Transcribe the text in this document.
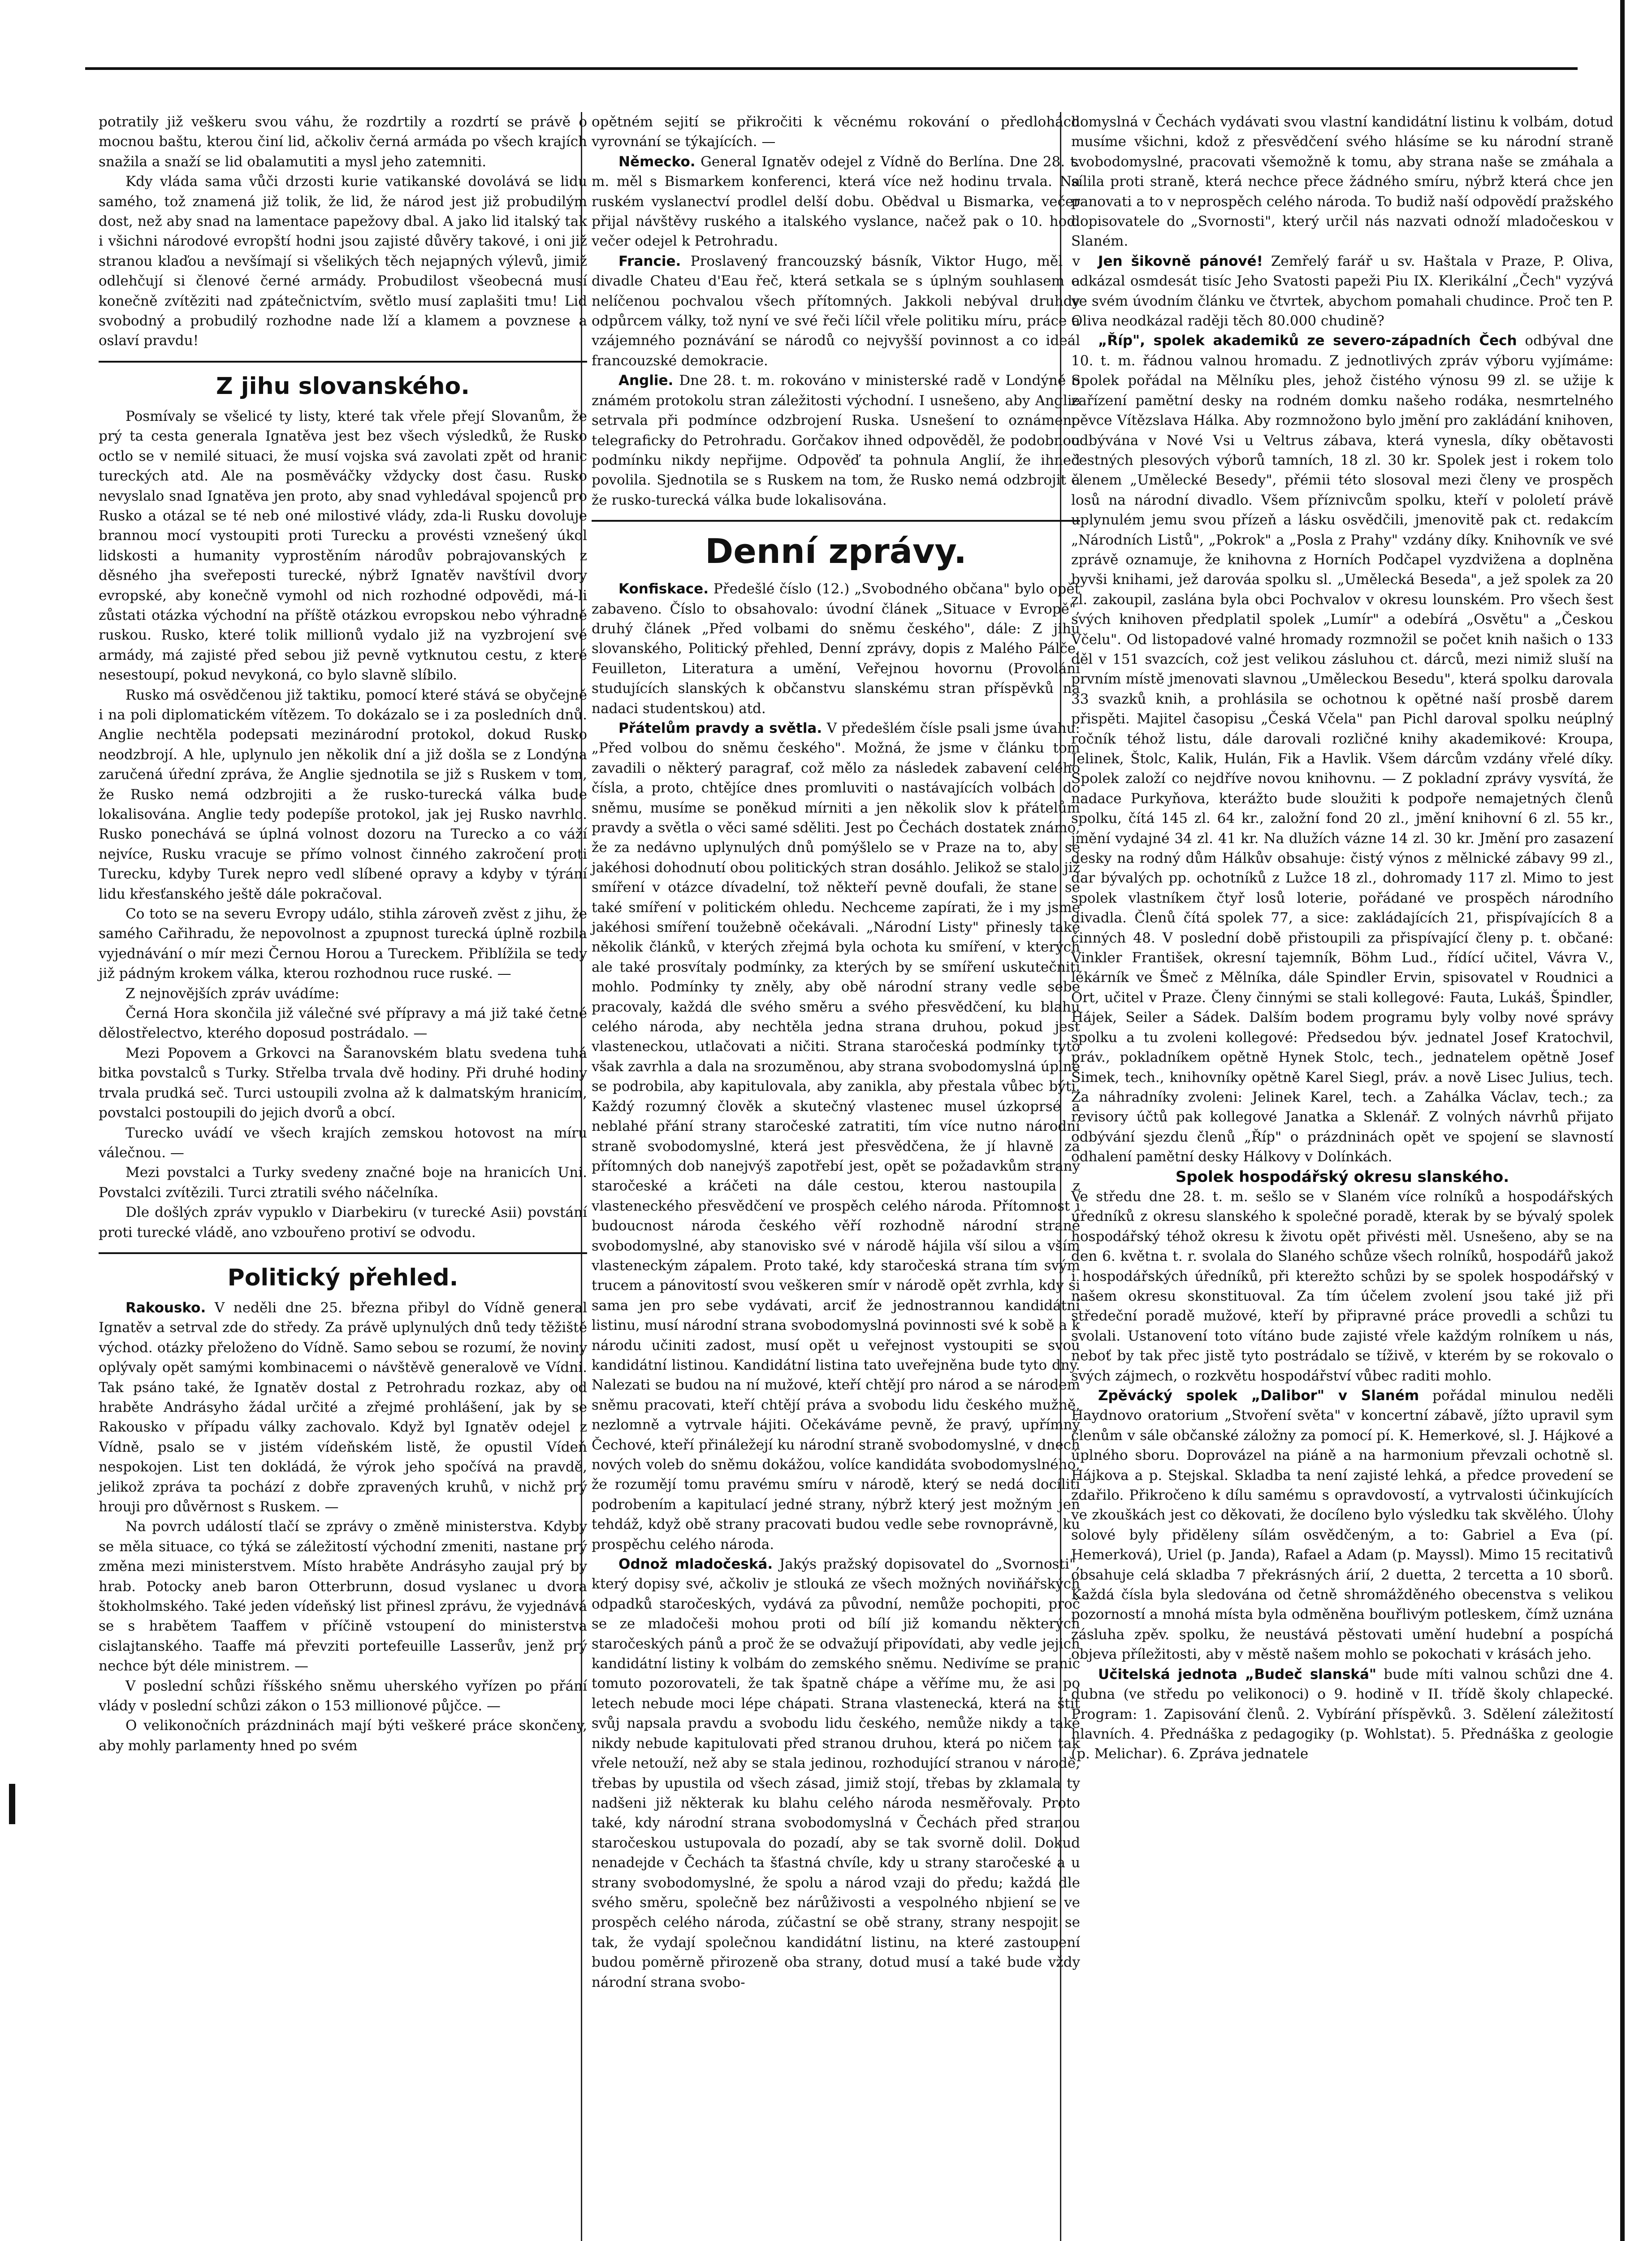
potratily již veškeru svou váhu, že rozdrtily a rozdrtí se právě o mocnou baštu, kterou činí lid, ačkoliv černá armáda po všech krajích snažila a snaží se lid obalamutiti a mysl jeho zatemniti.

Kdy vláda sama vůči drzosti kurie vatikanské dovolává se lidu samého, tož znamená již tolik, že lid, že národ jest již probudilým dost, než aby snad na lamentace papežovy dbal. A jako lid italský tak i všichni národové evropští hodni jsou zajisté důvěry takové, i oni již stranou klaďou a nevšímají si všelikých těch nejapných výlevů, jimiž odlehčují si členové černé armády. Probudilost všeobecná musí konečně zvítěziti nad zpátečnictvím, světlo musí zaplašiti tmu! Lid svobodný a probudilý rozhodne nade lží a klamem a povznese a oslaví pravdu!

Z jihu slovanského.

Posmívaly se všelicé ty listy, které tak vřele přejí Slovanům, že prý ta cesta generala Ignatěva jest bez všech výsledků, že Rusko octlo se v nemilé situaci, že musí vojska svá zavolati zpět od hranic tureckých atd. Ale na posměváčky vždycky dost času. Rusko nevyslalo snad Ignatěva jen proto, aby snad vyhledával spojenců pro Rusko a otázal se té neb oné milostivé vlády, zda-li Rusku dovoluje brannou mocí vystoupiti proti Turecku a provésti vznešený úkol lidskosti a humanity vyprostěním národův pobrajovanských z děsného jha sveřeposti turecké, nýbrž Ignatěv navštívil dvory evropské, aby konečně vymohl od nich rozhodné odpovědi, má-li zůstati otázka východní na příště otázkou evropskou nebo výhradně ruskou. Rusko, které tolik millionů vydalo již na vyzbrojení své armády, má zajisté před sebou již pevně vytknutou cestu, z které nesestoupí, pokud nevykoná, co bylo slavně slíbilo.

Rusko má osvědčenou již taktiku, pomocí které stává se obyčejně i na poli diplomatickém vítězem. To dokázalo se i za posledních dnů. Anglie nechtěla podepsati mezinárodní protokol, dokud Rusko neodzbrojí. A hle, uplynulo jen několik dní a již došla se z Londýna zaručená úřední zpráva, že Anglie sjednotila se již s Ruskem v tom, že Rusko nemá odzbrojiti a že rusko-turecká válka bude lokalisována. Anglie tedy podepíše protokol, jak jej Rusko navrhlo. Rusko ponechává se úplná volnost dozoru na Turecko a co váží nejvíce, Rusku vracuje se přímo volnost činného zakročení proti Turecku, kdyby Turek nepro vedl slíbené opravy a kdyby v týrání lidu křesťanského ještě dále pokračoval.

Co toto se na severu Evropy událo, stihla zároveň zvěst z jihu, že samého Cařihradu, že nepovolnost a zpupnost turecká úplně rozbila vyjednávání o mír mezi Černou Horou a Tureckem. Přiblížila se tedy již pádným krokem válka, kterou rozhodnou ruce ruské. —

Z nejnovějších zpráv uvádíme:

Černá Hora skončila již válečné své přípravy a má již také četné dělostřelectvo, kterého doposud postrádalo. —

Mezi Popovem a Grkovci na Šaranovském blatu svedena tuhá bitka povstalců s Turky. Střelba trvala dvě hodiny. Při druhé hodiny trvala prudká seč. Turci ustoupili zvolna až k dalmatským hranicím, povstalci postoupili do jejich dvorů a obcí.

Turecko uvádí ve všech krajích zemskou hotovost na míru válečnou. —

Mezi povstalci a Turky svedeny značné boje na hranicích Uni. Povstalci zvítězili. Turci ztratili svého náčelníka.

Dle došlých zpráv vypuklo v Diarbekiru (v turecké Asii) povstání proti turecké vládě, ano vzbouřeno protiví se odvodu.

Politický přehled.

Rakousko. V neděli dne 25. března přibyl do Vídně general Ignatěv a setrval zde do středy. Za právě uplynulých dnů tedy těžiště východ. otázky přeloženo do Vídně. Samo sebou se rozumí, že noviny oplývaly opět samými kombinacemi o návštěvě generalově ve Vídni. Tak psáno také, že Ignatěv dostal z Petrohradu rozkaz, aby od hraběte Andrásyho žádal určité a zřejmé prohlášení, jak by se Rakousko v případu války zachovalo. Když byl Ignatěv odejel z Vídně, psalo se v jistém vídeňském listě, že opustil Vídeň nespokojen. List ten dokládá, že výrok jeho spočívá na pravdě, jelikož zpráva ta pochází z dobře zpravených kruhů, v nichž prý hrouji pro důvěrnost s Ruskem. —

Na povrch událostí tlačí se zprávy o změně ministerstva. Kdyby se měla situace, co týká se záležitostí východní zmeniti, nastane prý změna mezi ministerstvem. Místo hraběte Andrásyho zaujal prý by hrab. Potocky aneb baron Otterbrunn, dosud vyslanec u dvora štokholmského. Také jeden vídeňský list přinesl zprávu, že vyjednává se s hrabětem Taaffem v příčině vstoupení do ministerstva cislajtanského. Taaffe má převziti portefeuille Lasserův, jenž prý nechce být déle ministrem. —

V poslední schůzi říšského sněmu uherského vyřízen po přání vlády v poslední schůzi zákon o 153 millionové půjčce. —

O velikonočních prázdninách mají býti veškeré práce skončeny, aby mohly parlamenty hned po svém

opětném sejití se přikročiti k věcnému rokování o předlohách vyrovnání se týkajících. —

Německo. General Ignatěv odejel z Vídně do Berlína. Dne 28. t. m. měl s Bismarkem konferenci, která více než hodinu trvala. Na ruském vyslanectví prodlel delší dobu. Obědval u Bismarka, večer přijal návštěvy ruského a italského vyslance, načež pak o 10. hod. večer odejel k Petrohradu.

Francie. Proslavený francouzský básník, Viktor Hugo, měl v divadle Chateu d'Eau řeč, která setkala se s úplným souhlasem a nelíčenou pochvalou všech přítomných. Jakkoli nebýval druhdy odpůrcem války, tož nyní ve své řeči líčil vřele politiku míru, práce a vzájemného poznávání se národů co nejvyšší povinnost a co ideál francouzské demokracie.

Anglie. Dne 28. t. m. rokováno v ministerské radě v Londýně o známém protokolu stran záležitosti východní. I usnešeno, aby Anglie setrvala při podmínce odzbrojení Ruska. Usnešení to oznámeno telegraficky do Petrohradu. Gorčakov ihned odpověděl, že podobnou podmínku nikdy nepřijme. Odpověď ta pohnula Anglií, že ihned povolila. Sjednotila se s Ruskem na tom, že Rusko nemá odzbrojit a že rusko-turecká válka bude lokalisována.

Denní zprávy.

Konfiskace. Předešlé číslo (12.) „Svobodného občana" bylo opět zabaveno. Číslo to obsahovalo: úvodní článek „Situace v Evropě", druhý článek „Před volbami do sněmu českého", dále: Z jihu slovanského, Politický přehled, Denní zprávy, dopis z Malého Pálče, Feuilleton, Literatura a umění, Veřejnou hovornu (Provolání studujících slanských k občanstvu slanskému stran příspěvků na nadaci studentskou) atd.

Přátelům pravdy a světla. V předešlém čísle psali jsme úvahu: „Před volbou do sněmu českého". Možná, že jsme v článku tom zavadili o některý paragraf, což mělo za následek zabavení celého čísla, a proto, chtějíce dnes promluviti o nastávajících volbách do sněmu, musíme se poněkud mírniti a jen několik slov k přátelům pravdy a světla o věci samé sděliti. Jest po Čechách dostatek známo, že za nedávno uplynulých dnů pomýšlelo se v Praze na to, aby se jakéhosi dohodnutí obou politických stran dosáhlo. Jelikož se stalo již smíření v otázce dívadelní, tož někteří pevně doufali, že stane se také smíření v politickém ohledu. Nechceme zapírati, že i my jsme jakéhosi smíření toužebně očekávali. „Národní Listy" přinesly také několik článků, v kterých zřejmá byla ochota ku smíření, v kterých ale také prosvítaly podmínky, za kterých by se smíření uskutečniti mohlo. Podmínky ty zněly, aby obě národní strany vedle sebe pracovaly, každá dle svého směru a svého přesvědčení, ku blahu celého národa, aby nechtěla jedna strana druhou, pokud jest vlasteneckou, utlačovati a ničiti. Strana staročeská podmínky tyto však zavrhla a dala na srozuměnou, aby strana svobodomyslná úplně se podrobila, aby kapitulovala, aby zanikla, aby přestala vůbec býti. Každý rozumný člověk a skutečný vlastenec musel úzkoprsé a neblahé přání strany staročeské zatratiti, tím více nutno národní straně svobodomyslné, která jest přesvědčena, že jí hlavně za přítomných dob nanejvýš zapotřebí jest, opět se požadavkům strany staročeské a kráčeti na dále cestou, kterou nastoupila z vlasteneckého přesvědčení ve prospěch celého národa. Přítomnost i budoucnost národa českého věří rozhodně národní straně svobodomyslné, aby stanovisko své v národě hájila vší silou a vším vlasteneckým zápalem. Proto také, kdy staročeská strana tím svým trucem a pánovitostí svou veškeren smír v národě opět zvrhla, kdy si sama jen pro sebe vydávati, arciť že jednostrannou kandidátní listinu, musí národní strana svobodomyslná povinnosti své k sobě a k národu učiniti zadost, musí opět u veřejnost vystoupiti se svou kandidátní listinou. Kandidátní listina tato uveřejněna bude tyto dny. Nalezati se budou na ní mužové, kteří chtějí pro národ a se národem sněmu pracovati, kteří chtějí práva a svobodu lidu českého mužně, nezlomně a vytrvale hájiti. Očekáváme pevně, že pravý, upřímný Čechové, kteří přináležejí ku národní straně svobodomyslné, v dnech nových voleb do sněmu dokážou, volíce kandidáta svobodomyslného, že rozumějí tomu pravému smíru v národě, který se nedá docíliti podrobením a kapitulací jedné strany, nýbrž který jest možným jen tehdáž, když obě strany pracovati budou vedle sebe rovnoprávně, ku prospěchu celého národa.

Odnož mladočeská. Jakýs pražský dopisovatel do „Svornosti", který dopisy své, ačkoliv je stlouká ze všech možných noviňářských odpadků staročeských, vydává za původní, nemůže pochopiti, proč se ze mladočeši mohou proti od bílí již komandu některých staročeských pánů a proč že se odvažují připovídati, aby vedle jejich kandidátní listiny k volbám do zemského sněmu. Nedivíme se pranic tomuto pozorovateli, že tak špatně chápe a věříme mu, že asi po letech nebude moci lépe chápati. Strana vlastenecká, která na štít svůj napsala pravdu a svobodu lidu českého, nemůže nikdy a také nikdy nebude kapitulovati před stranou druhou, která po ničem tak vřele netouží, než aby se stala jedinou, rozhodující stranou v národě, třebas by upustila od všech zásad, jimiž stojí, třebas by zklamala ty nadšeni již některak ku blahu celého národa nesměřovaly. Proto také, kdy národní strana svobodomyslná v Čechách před stranou staročeskou ustupovala do pozadí, aby se tak svorně dolil. Dokud nenadejde v Čechách ta šťastná chvíle, kdy u strany staročeské a u strany svobodomyslné, že spolu a národ vzaji do předu; každá dle svého směru, společně bez nárůživosti a vespolného nbjiení se ve prospěch celého národa, zúčastní se obě strany, strany nespojit se tak, že vydají společnou kandidátní listinu, na které zastoupení budou poměrně přirozeně oba strany, dotud musí a také bude vždy národní strana svobo-

domyslná v Čechách vydávati svou vlastní kandidátní listinu k volbám, dotud musíme všichni, kdož z přesvědčení svého hlásíme se ku národní straně svobodomyslné, pracovati všemožně k tomu, aby strana naše se zmáhala a sílila proti straně, která nechce přece žádného smíru, nýbrž která chce jen panovati a to v neprospěch celého národa. To budiž naší odpovědí pražského dopisovatele do „Svornosti", který určil nás nazvati odnoží mladočeskou v Slaném.

Jen šikovně pánové! Zemřelý farář u sv. Haštala v Praze, P. Oliva, odkázal osmdesát tisíc Jeho Svatosti papeži Piu IX. Klerikální „Čech" vyzývá ve svém úvodním článku ve čtvrtek, abychom pomahali chudince. Proč ten P. Oliva neodkázal raději těch 80.000 chudině?

„Říp", spolek akademiků ze severo-západních Čech odbýval dne 10. t. m. řádnou valnou hromadu. Z jednotlivých zpráv výboru vyjímáme: Spolek pořádal na Mělníku ples, jehož čistého výnosu 99 zl. se užije k zařízení pamětní desky na rodném domku našeho rodáka, nesmrtelného pěvce Vítězslava Hálka. Aby rozmnožono bylo jmění pro zakládání knihoven, odbývána v Nové Vsi u Veltrus zábava, která vynesla, díky obětavosti čestných plesových výborů tamních, 18 zl. 30 kr. Spolek jest i rokem tolo členem „Umělecké Besedy", přémii této slosoval mezi členy ve prospěch losů na národní divadlo. Všem příznivcům spolku, kteří v pololetí právě uplynulém jemu svou přízeň a lásku osvědčili, jmenovitě pak ct. redakcím „Národních Listů", „Pokrok" a „Posla z Prahy" vzdány díky. Knihovník ve své zprávě oznamuje, že knihovna z Horních Podčapel vyzdvižena a doplněna byvši knihami, jež darováa spolku sl. „Umělecká Beseda", a jež spolek za 20 zl. zakoupil, zaslána byla obci Pochvalov v okresu lounském. Pro všech šest svých knihoven předplatil spolek „Lumír" a odebírá „Osvětu" a „Českou Včelu". Od listopadové valné hromady rozmnožil se počet knih našich o 133 děl v 151 svazcích, což jest velikou zásluhou ct. dárců, mezi nimiž sluší na prvním místě jmenovati slavnou „Uměleckou Besedu", která spolku darovala 33 svazků knih, a prohlásila se ochotnou k opětné naší prosbě darem přispěti. Majitel časopisu „Česká Včela" pan Pichl daroval spolku neúplný ročník téhož listu, dále darovali rozličné knihy akademikové: Kroupa, Jelinek, Štolc, Kalik, Hulán, Fik a Havlik. Všem dárcům vzdány vřelé díky. Spolek založí co nejdříve novou knihovnu. — Z pokladní zprávy vysvítá, že nadace Purkyňova, kterážto bude sloužiti k podpoře nemajetných členů spolku, čítá 145 zl. 64 kr., založní fond 20 zl., jmění knihovní 6 zl. 55 kr., jmění vydajné 34 zl. 41 kr. Na dlužích vázne 14 zl. 30 kr. Jmění pro zasazení desky na rodný dům Hálkův obsahuje: čistý výnos z mělnické zábavy 99 zl., dar bývalých pp. ochotníků z Lužce 18 zl., dohromady 117 zl. Mimo to jest spolek vlastníkem čtyř losů loterie, pořádané ve prospěch národního divadla. Členů čítá spolek 77, a sice: zakládajících 21, přispívajících 8 a činných 48. V poslední době přistoupili za přispívající členy p. t. občané: Vinkler František, okresní tajemník, Böhm Lud., řídící učitel, Vávra V., lékárník ve Šmeč z Mělníka, dále Spindler Ervin, spisovatel v Roudnici a Ort, učitel v Praze. Členy činnými se stali kollegové: Fauta, Lukáš, Špindler, Hájek, Seiler a Sádek. Dalším bodem programu byly volby nové správy spolku a tu zvoleni kollegové: Předsedou býv. jednatel Josef Kratochvil, práv., pokladníkem opětně Hynek Stolc, tech., jednatelem opětně Josef Šimek, tech., knihovníky opětně Karel Siegl, práv. a nově Lisec Julius, tech. Za náhradníky zvoleni: Jelinek Karel, tech. a Zahálka Václav, tech.; za revisory účtů pak kollegové Janatka a Sklenář. Z volných návrhů přijato odbývání sjezdu členů „Říp" o prázdninách opět ve spojení se slavností odhalení pamětní desky Hálkovy v Dolínkách.

Spolek hospodářský okresu slanského.

Ve středu dne 28. t. m. sešlo se v Slaném více rolníků a hospodářských úředníků z okresu slanského k společné poradě, kterak by se bývalý spolek hospodářský téhož okresu k životu opět přivésti měl. Usnešeno, aby se na den 6. května t. r. svolala do Slaného schůze všech rolníků, hospodářů jakož i hospodářských úředníků, při kterežto schůzi by se spolek hospodářský v našem okresu skonstituoval. Za tím účelem zvolení jsou také již při středeční poradě mužové, kteří by připravné práce provedli a schůzi tu svolali. Ustanovení toto vítáno bude zajisté vřele každým rolníkem u nás, neboť by tak přec jistě tyto postrádalo se tíživě, v kterém by se rokovalo o svých zájmech, o rozkvětu hospodářství vůbec raditi mohlo.

Zpěvácký spolek „Dalibor" v Slaném pořádal minulou neděli Haydnovo oratorium „Stvoření světa" v koncertní zábavě, jížto upravil sym členům v sále občanské záložny za pomocí pí. K. Hemerkové, sl. J. Hájkové a úplného sboru. Doprovázel na piáně a na harmonium převzali ochotně sl. Hájkova a p. Stejskal. Skladba ta není zajisté lehká, a předce provedení se zdařilo. Přikročeno k dílu samému s opravdovostí, a vytrvalosti účinkujících ve zkouškách jest co děkovati, že docíleno bylo výsledku tak skvělého. Úlohy solové byly přiděleny sílám osvědčeným, a to: Gabriel a Eva (pí. Hemerková), Uriel (p. Janda), Rafael a Adam (p. Mayssl). Mimo 15 recitativů obsahuje celá skladba 7 překrásných árií, 2 duetta, 2 tercetta a 10 sborů. Každá čísla byla sledována od četně shromážděného obecenstva s velikou pozorností a mnohá místa byla odměněna bouřlivým potleskem, čímž uznána zásluha zpěv. spolku, že neustává pěstovati umění hudební a pospíchá objeva příležitosti, aby v městě našem mohlo se pokochati v krásách jeho.

Učitelská jednota „Budeč slanská" bude míti valnou schůzi dne 4. dubna (ve středu po velikonoci) o 9. hodině v II. třídě školy chlapecké. Program: 1. Zapisování členů. 2. Vybírání příspěvků. 3. Sdělení záležitostí hlavních. 4. Přednáška z pedagogiky (p. Wohlstat). 5. Přednáška z geologie (p. Melichar). 6. Zpráva jednatele
